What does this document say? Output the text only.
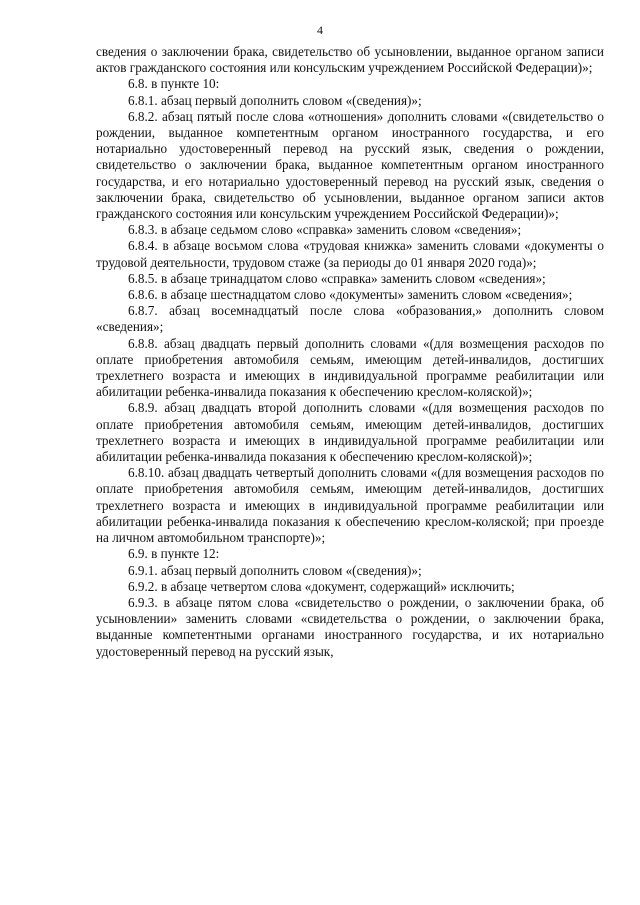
4

сведения о заключении брака, свидетельство об усыновлении, выданное органом записи актов гражданского состояния или консульским учреждением Российской Федерации)»;

6.8. в пункте 10:

6.8.1. абзац первый дополнить словом «(сведения)»;

6.8.2. абзац пятый после слова «отношения» дополнить словами «(свидетельство о рождении, выданное компетентным органом иностранного государства, и его нотариально удостоверенный перевод на русский язык, сведения о рождении, свидетельство о заключении брака, выданное компетентным органом иностранного государства, и его нотариально удостоверенный перевод на русский язык, сведения о заключении брака, свидетельство об усыновлении, выданное органом записи актов гражданского состояния или консульским учреждением Российской Федерации)»;

6.8.3. в абзаце седьмом слово «справка» заменить словом «сведения»;

6.8.4. в абзаце восьмом слова «трудовая книжка» заменить словами «документы о трудовой деятельности, трудовом стаже (за периоды до 01 января 2020 года)»;

6.8.5. в абзаце тринадцатом слово «справка» заменить словом «сведения»;

6.8.6. в абзаце шестнадцатом слово «документы» заменить словом «сведения»;

6.8.7. абзац восемнадцатый после слова «образования,» дополнить словом «сведения»;

6.8.8. абзац двадцать первый дополнить словами «(для возмещения расходов по оплате приобретения автомобиля семьям, имеющим детей-инвалидов, достигших трехлетнего возраста и имеющих в индивидуальной программе реабилитации или абилитации ребенка-инвалида показания к обеспечению креслом-коляской)»;

6.8.9. абзац двадцать второй дополнить словами «(для возмещения расходов по оплате приобретения автомобиля семьям, имеющим детей-инвалидов, достигших трехлетнего возраста и имеющих в индивидуальной программе реабилитации или абилитации ребенка-инвалида показания к обеспечению креслом-коляской)»;

6.8.10. абзац двадцать четвертый дополнить словами «(для возмещения расходов по оплате приобретения автомобиля семьям, имеющим детей-инвалидов, достигших трехлетнего возраста и имеющих в индивидуальной программе реабилитации или абилитации ребенка-инвалида показания к обеспечению креслом-коляской; при проезде на личном автомобильном транспорте)»;

6.9. в пункте 12:

6.9.1. абзац первый дополнить словом «(сведения)»;

6.9.2. в абзаце четвертом слова «документ, содержащий» исключить;

6.9.3. в абзаце пятом слова «свидетельство о рождении, о заключении брака, об усыновлении» заменить словами «свидетельства о рождении, о заключении брака, выданные компетентными органами иностранного государства, и их нотариально удостоверенный перевод на русский язык,
